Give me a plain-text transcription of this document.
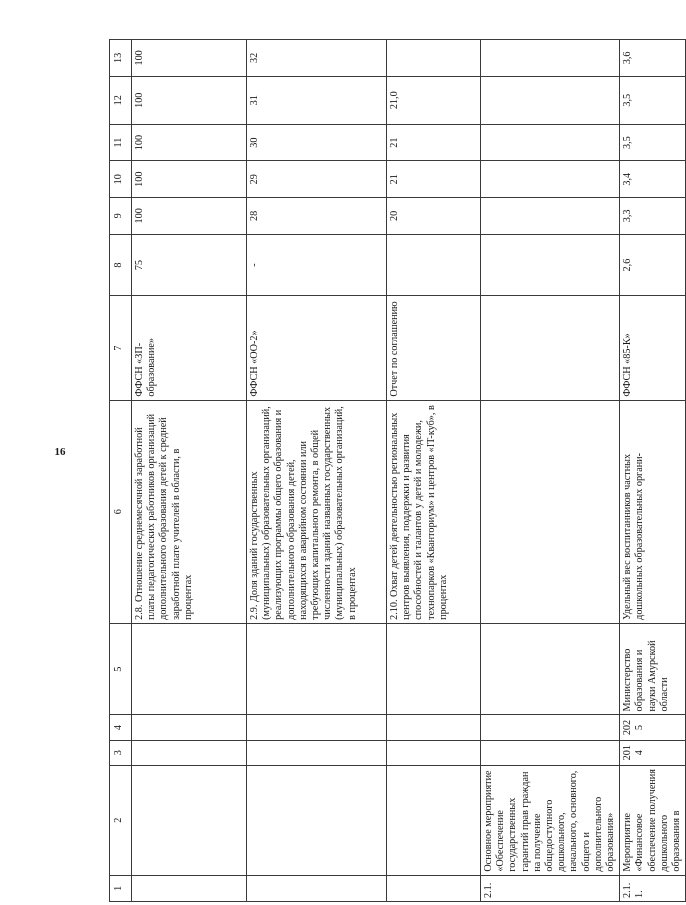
16
1	2	3	4	5	6	7	8	9	10	11	12	13
					2.8. Отношение среднемесячной заработной платы педагогических работников организаций дополнительного образования детей к средней заработной плате учителей в области, в процентах	ФФСН «ЗП-образование»	75	100	100	100	100	100
					2.9. Доля зданий государственных (муниципальных) образовательных организаций, реализующих программы общего образования и дополнительного образования детей, находящихся в аварийном состоянии или требующих капитального ремонта, в общей численности зданий названных государственных (муниципальных) образовательных организаций, в процентах	ФФСН «ОО-2»	-	28	29	30	31	32
					2.10. Охват детей деятельностью региональных центров выявления, поддержки и развития способностей и талантов у детей и молодежи, технопарков «Кванториум» и центров «IT-куб», в процентах	Отчет по соглашению		20	21	21	21,0	
2.1.	Основное мероприятие «Обеспечение государственных гарантий прав граждан на получение общедоступного дошкольного, начального, основного, общего и дополнительного образования»											
2.1.1.	Мероприятие «Финансовое обеспечение получения дошкольного образования в	2014	2025	Министерство образования и науки Амурской области	Удельный вес воспитанников частных дошкольных образовательных органи-	ФФСН «85-К»	2,6	3,3	3,4	3,5	3,5	3,6
